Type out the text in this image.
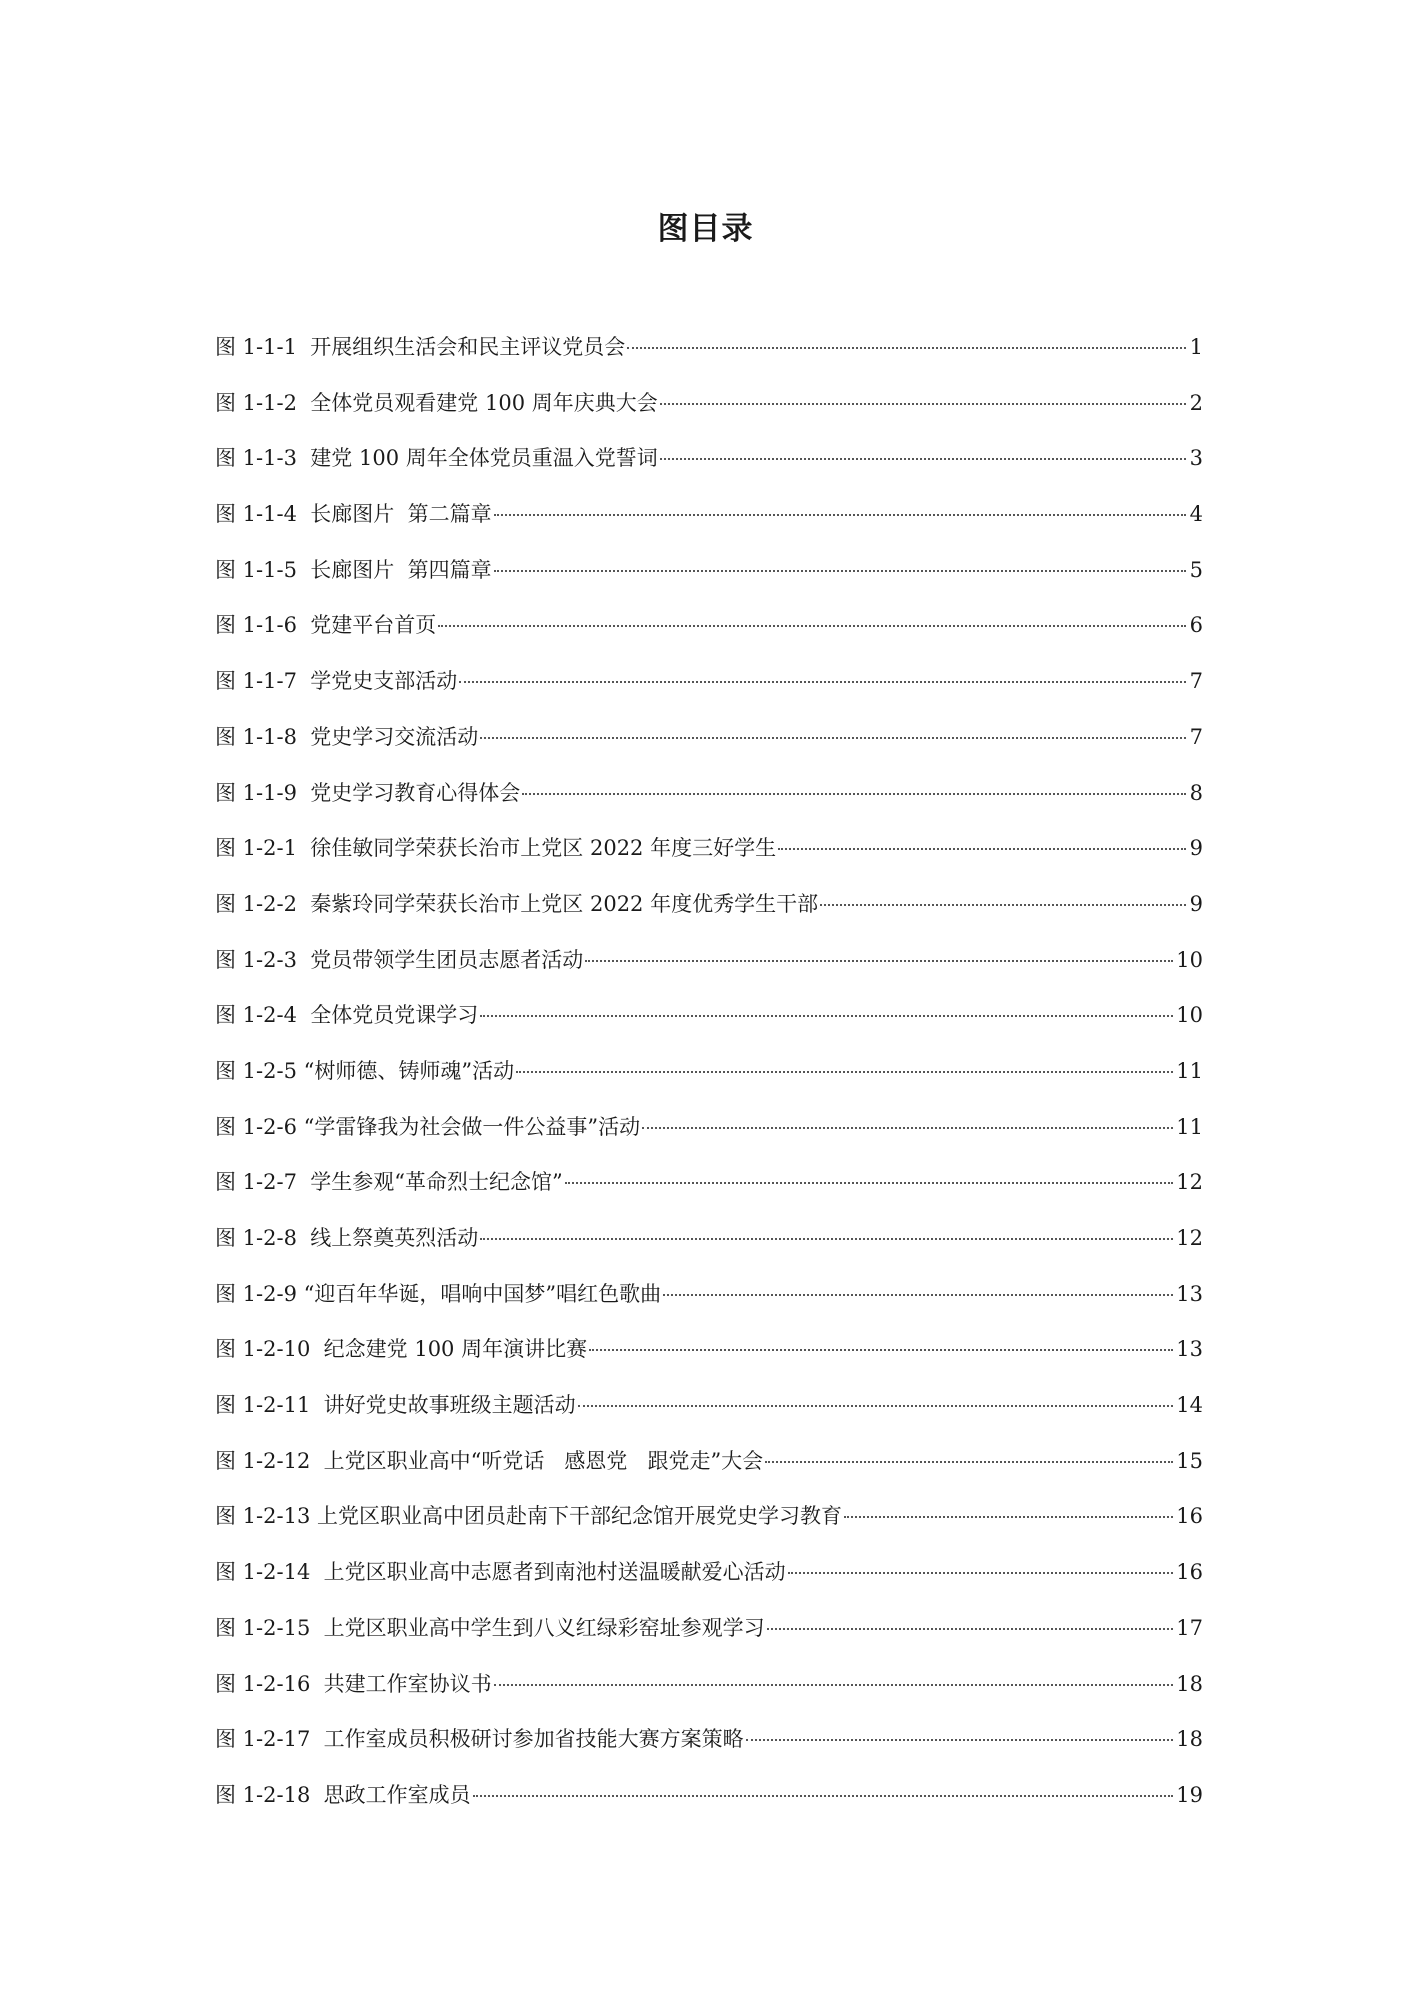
图目录
图 1-1-1  开展组织生活会和民主评议党员会	1
图 1-1-2  全体党员观看建党 100 周年庆典大会	2
图 1-1-3  建党 100 周年全体党员重温入党誓词	3
图 1-1-4  长廊图片  第二篇章	4
图 1-1-5  长廊图片  第四篇章	5
图 1-1-6  党建平台首页	6
图 1-1-7  学党史支部活动	7
图 1-1-8  党史学习交流活动	7
图 1-1-9  党史学习教育心得体会	8
图 1-2-1  徐佳敏同学荣获长治市上党区 2022 年度三好学生	9
图 1-2-2  秦紫玲同学荣获长治市上党区 2022 年度优秀学生干部	9
图 1-2-3  党员带领学生团员志愿者活动	10
图 1-2-4  全体党员党课学习	10
图 1-2-5 “树师德、铸师魂”活动	11
图 1-2-6 “学雷锋我为社会做一件公益事”活动	11
图 1-2-7  学生参观“革命烈士纪念馆”	12
图 1-2-8  线上祭奠英烈活动	12
图 1-2-9 “迎百年华诞，唱响中国梦”唱红色歌曲	13
图 1-2-10  纪念建党 100 周年演讲比赛	13
图 1-2-11  讲好党史故事班级主题活动	14
图 1-2-12  上党区职业高中“听党话   感恩党   跟党走”大会	15
图 1-2-13 上党区职业高中团员赴南下干部纪念馆开展党史学习教育	16
图 1-2-14  上党区职业高中志愿者到南池村送温暖献爱心活动	16
图 1-2-15  上党区职业高中学生到八义红绿彩窑址参观学习	17
图 1-2-16  共建工作室协议书	18
图 1-2-17  工作室成员积极研讨参加省技能大赛方案策略	18
图 1-2-18  思政工作室成员	19
